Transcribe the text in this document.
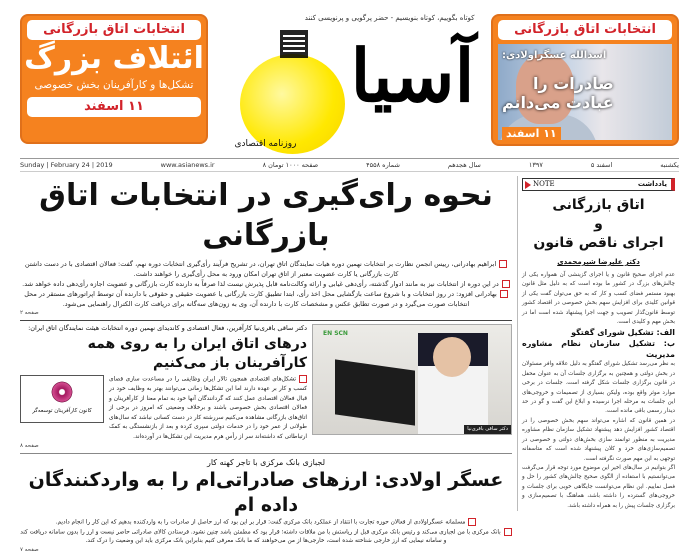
انتخابات اتاق بازرگانی
ائتلاف بزرگ
تشکل‌ها و کارآفرینان بخش خصوصی
۱۱ اسفند
کوتاه بگوییم، کوتاه بنویسیم - حضر پرگویی و پرنویسی کنند
آسیا
روزنامه اقتصادی
انتخابات اتاق بازرگانی
اسدالله عسگراولادی:
صادرات را
عبادت می‌دانم
۱۱ اسفند
Sunday | February 24 | 2019	www.asianews.ir	۸ صفحه ۱۰۰۰ تومان	شماره ۴۵۵۸	سال هجدهم	۱۳۹۷	۵ اسفند	یکشنبه
نحوه رای‌گیری در انتخابات اتاق بازرگانی

ابراهیم بهادرانی، رییس انجمن نظارت بر انتخابات نهمین دوره هیات نمایندگان اتاق تهران، در تشریح فرآیند رأی‌گیری انتخابات دوره نهم، گفت: فعالان اقتصادی با در دست داشتن کارت بازرگانی یا کارت عضویت معتبر از اتاق تهران امکان ورود به محل رأی‌گیری را خواهند داشت.

در این دوره از انتخابات نیز به مانند ادوار گذشته، رأی‌دهی غیابی و ارائه وکالت‌نامه قابل پذیرش نیست لذا صرفاً به دارنده کارت بازرگانی و عضویت اجازه رأی‌دهی داده خواهد شد.

بهادرانی افزود: در روز انتخابات و با شروع ساعت بازگشایی محل اخذ رأی، ابتدا تطبیق کارت بازرگانی یا عضویت حقیقی و حقوقی با دارنده آن توسط اپراتورهای مستقر در محل انتخابات صورت می‌گیرد و در صورت تطابق عکس و مشخصات کارت با دارنده آن، وی به زون‌های سه‌گانه برای دریافت کارت الکترال راهنمایی می‌شود.

صفحه ۲
دکتر ساقی باقری‌نیا کارآفرین، فعال اقتصادی و کاندیدای نهمین دوره انتخابات هیئت نمایندگان اتاق ایران:
درهای اتاق ایران را به روی همه کارآفرینان باز می‌کنیم
کانون کارآفرینان توسعه‌گر
تشکل‌های اقتصادی همچون تالار ایران وظایفی را در مساعدت سازی فضای کسب و کار بر عهده دارند اما این تشکل‌ها زمانی می‌توانند بهتر به وظایف خود در قبال فعالان اقتصادی عمل کنند که گردانندگان آنها خود به تمام معنا از کارآفرینان و فعالان اقتصادی بخش خصوصی باشند و برخلاف وضعیتی که امروز در برخی از اتاق‌های بازرگانی مشاهده می‌کنیم سررشته کار در دست کسانی نباشد که سال‌های طولانی از عمر خود را در خدمات دولتی سپری کرده و بعد از بازنشستگی به کمک ارتباطاتی که داشته‌اند سر از رأس هرم مدیریت این تشکل‌ها در آورده‌اند.
صفحه ۸
EN SCN
دکتر ساقی باقری‌نیا
لجبازی بانک مرکزی با تاجر کهنه کار
عسگر اولادی: ارزهای صادراتی‌ام را به واردکنندگان داده ام

مسلمانه عسگراولادی از فعالان حوزه تجارت با انتقاد از عملکرد بانک مرکزی گفت: قرار بر این بود که ارز حاصل از صادرات را به واردکننده بدهیم که این کار را انجام دادیم.

بانک مرکزی با من لجبازی می‌کند و رئیس بانک مرکزی قبل از ریاستش با من ملاقات داشته؛ قرار بود که مطمئن باشد چنین نشود. فرستادن کالای صادراتی حاضر نیست و ارز را بدون سامانه دریافت کند و سامانه نیمایی که ارز خارجی شناخته شده است، خارجی‌ها از من می‌خواهند که ما بانک معرفی کنیم بنابراین بانک مرکزی باید این وضعیت را درک کند.

صفحه ۷
NOTE	یادداشت
اتاق بازرگانی
و
اجرای ناقص قانون
دکتر علیرضا شیرمحمدی

عدم اجرای صحیح قانون و یا اجرای گزینشی آن همواره یکی از چالش‌های بزرگ در کشور ما بوده است که به دلیل مثل قانون بهبود مستمر فضای کسب و کار که به حق می‌توان گفت یکی از قوانین کلیدی برای افزایش سهم بخش خصوصی در اقتصاد کشور توسط قانون‌گذار تصویب و جهت اجرا پیشنهاد شده است اما در بخش مهم و کلیدی است.

الف: تشکیل شورای گفتگو
ب: تشکیل سازمان نظام مشاوره مدیریت

به نظر می‌رسد تشکیل شورای گفتگو به دلیل علاقه وافر مسئولان در بخش دولتی و همچنین به برگزاری جلسات آن به عنوان محفل در قانون برگزاری جلسات شکل گرفته است. جلسات در برخی موارد موثر واقع بوده، ولیکن بسیاری از تصمیمات و خروجی‌های این جلسات به مرحله اجرا نرسیده و ابلاغ این گفت و گو در حد دیدار رسمی باقی مانده است.

در همین قانون که اشاره می‌تواند سهم بخش خصوصی را در اقتصاد کشور افزایش دهد پیشنهاد تشکیل سازمان نظام مشاوره مدیریت به منظور توانمند سازی بخش‌های دولتی و خصوصی در تصمیم‌سازی‌های خرد و کلان پیشنهاد شده است که متاسفانه توجهی به این مهم صورت نگرفته است.

اگر بتوانیم در سال‌های اخیر این موضوع مورد توجه قرار می‌گرفت می‌توانستیم با استفاده از الگوی صحیح چالش‌های کشور را حل و فصل نماییم. این نظام می‌توانست جایگاهی خوبی برای جلسات و خروجی‌های گسترده را داشته باشد، هماهنگ با تصمیم‌سازی و برگزاری جلسات پیش را به همراه داشته باشد.
